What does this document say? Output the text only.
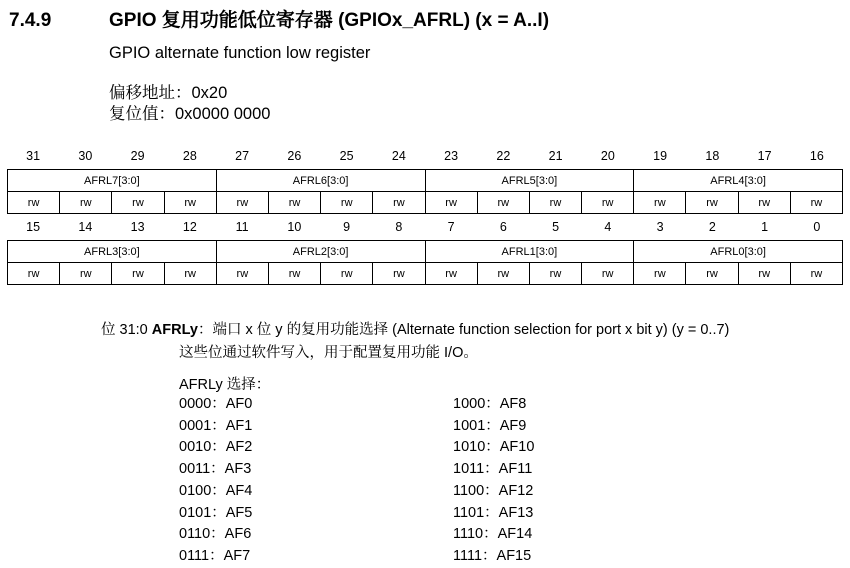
7.4.9	GPIO 复用功能低位寄存器 (GPIOx_AFRL) (x = A..I)
GPIO alternate function low register
偏移地址：0x20
复位值：0x0000 0000
31	30	29	28	27	26	25	24	23	22	21	20	19	18	17	16
AFRL7[3:0]				AFRL6[3:0]				AFRL5[3:0]				AFRL4[3:0]			
rw	rw	rw	rw	rw	rw	rw	rw	rw	rw	rw	rw	rw	rw	rw	rw
15	14	13	12	11	10	9	8	7	6	5	4	3	2	1	0
AFRL3[3:0]				AFRL2[3:0]				AFRL1[3:0]				AFRL0[3:0]			
rw	rw	rw	rw	rw	rw	rw	rw	rw	rw	rw	rw	rw	rw	rw	rw
位 31:0 AFRLy：端口 x 位 y 的复用功能选择 (Alternate function selection for port x bit y) (y = 0..7)
这些位通过软件写入，用于配置复用功能 I/O。
AFRLy 选择：
0000：AF0
0001：AF1
0010：AF2
0011：AF3
0100：AF4
0101：AF5
0110：AF6
0111：AF7
1000：AF8
1001：AF9
1010：AF10
1011：AF11
1100：AF12
1101：AF13
1110：AF14
1111：AF15
